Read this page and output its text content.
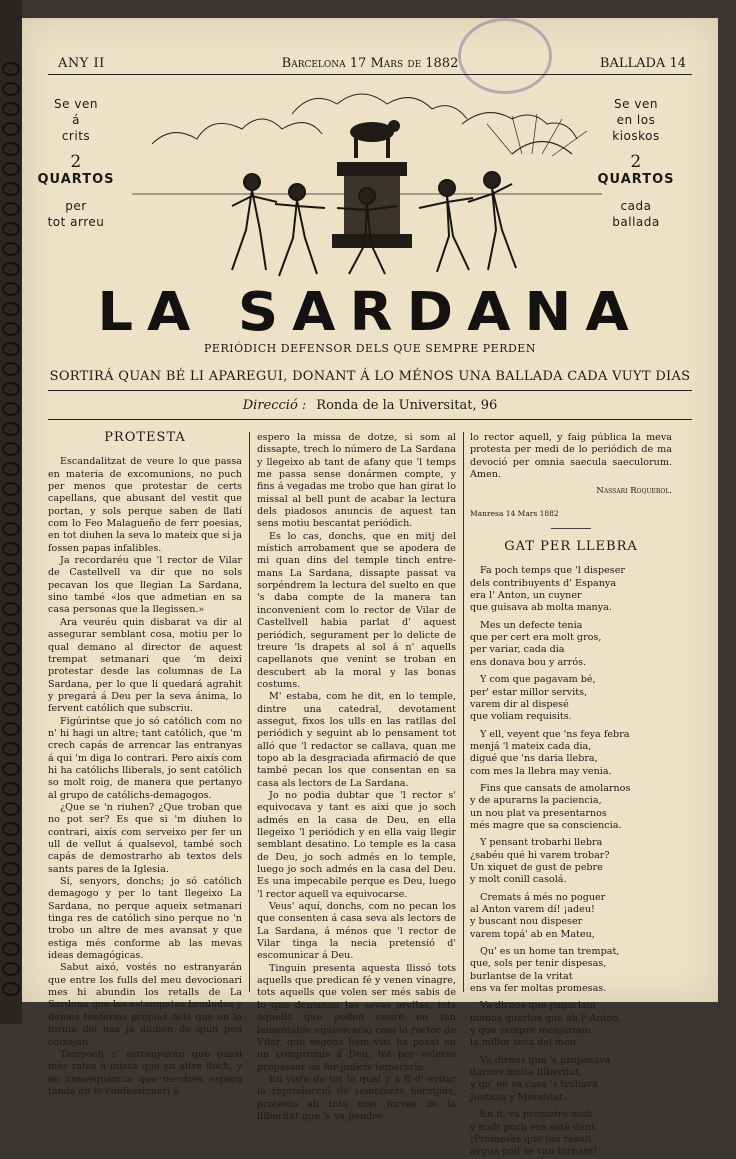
ANY II	Barcelona 17 Mars de 1882	BALLADA 14
Se ven
á
crits
2
QUARTOS
per
tot arreu
Se ven
en los
kioskos
2
QUARTOS
cada
ballada
LA SARDANA
PERIÓDICH DEFENSOR DELS QUE SEMPRE PERDEN
SORTIRÁ QUAN BÉ LI APAREGUI, DONANT Á LO MÉNOS UNA BALLADA CADA VUYT DIAS
Direcció : Ronda de la Universitat, 96
PROTESTA

Escandalitzat de veure lo que passa en materia de excomunions, no puch per menos que protestar de certs capellans, que abusant del vestit que portan, y sols perque saben de llatí com lo Feo Malagueño de ferr poesias, en tot diuhen la seva lo mateix que si ja fossen papas infalibles.

Ja recordaréu que 'l rector de Vilar de Castellvell va dir que no sols pecavan los que llegian La Sardana, sino també «los que admetian en sa casa personas que la llegissen.»

Ara veuréu quin disbarat va dir al assegurar semblant cosa, motiu per lo qual demano al director de aquest trempat setmanari que 'm deixi protestar desde las columnas de La Sardana, per lo que li quedará agrahit y pregará á Deu per la seva ánima, lo fervent católich que subscriu.

Figúrintse que jo só católich com no n' hi hagi un altre; tant católich, que 'm crech capás de arrencar las entranyas á qui 'm diga lo contrari. Pero aixís com hi ha católichs lliberals, jo sent católich so molt roig, de manera que pertanyo al grupo de católichs-demagogos.

¿Que se 'n riuhen? ¿Que troban que no pot ser? Es que si 'm diuhen lo contrari, aixís com serveixo per fer un ull de vellut á qualsevol, també soch capás de demostrarho ab textos dels sants pares de la Iglesia.

Sí, senyors, donchs; jo só católich demagogo y per lo tant llegeixo La Sardana, no perque aqueix setmanari tinga res de católich sino perque no 'n trobo un altre de mes avansat y que estiga més conforme ab las mevas ideas demagógicas.

Sabut aixó, vostés no estranyarán que entre los fulls del meu devocionari mes hi abundin los retalls de La Sardana que las estampetas brodadas y demés tonterías propias dels que en la forma del nas ja diuhen de quin peu coixejan.

Tampoch s' estranyarán que passi més ratos á missa que en altre lloch, y en consequéncia que mentres espero tanda en lo confessionari ó

espero la missa de dotze, si som al dissapte, trech lo número de La Sardana y llegeixo ab tant de afany que 'l temps me passa sense donármen compte, y fins á vegadas me trobo que han girat lo missal al bell punt de acabar la lectura dels piadosos anuncis de aquest tan sens motiu bescantat periódich.

Es lo cas, donchs, que en mitj del místich arrobament que se apodera de mi quan dins del temple tinch entre-mans La Sardana, dissapte passat va sorpéndrem la lectura del suelto en que 's daba compte de la manera tan inconvenient com lo rector de Vilar de Castellvell habia parlat d' aquest periódich, segurament per lo delicte de treure 'ls drapets al sol á n' aquells capellanots que venint se troban en descubert ab la moral y las bonas costums.

M' estaba, com he dit, en lo temple, dintre una catedral, devotament assegut, fixos los ulls en las ratllas del periódich y seguint ab lo pensament tot alló que 'l redactor se callava, quan me topo ab la desgraciada afirmació de que també pecan los que consentan en sa casa als lectors de La Sardana.

Jo no podia dubtar que 'l rector s' equivocava y tant es aixi que jo soch admés en la casa de Deu, en ella llegeixo 'l periódich y en ella vaig llegir semblant desatino. Lo temple es la casa de Deu, jo soch admés en lo temple, luego jo soch admés en la casa del Deu. Es una impecabile perque es Deu, luego 'l rector aquell va equivocarse.

Veus' aquí, donchs, com no pecan los que consenten á casa seva als lectors de La Sardana, á ménos que 'l rector de Vilar tinga la necia pretensió d' escomunicar á Deu.

Tinguin presenta aquesta llissó tots aquells que predican fé y venen vinagre, tots aquells que volen ser més sabis de lo que demanan las sevas orellas, tots aquells que poden caure en tan lamentable equivocació com lo rector de Vilar, que segons hem vist ha posat en un compromís á Deu, tot per volerse propassar en fer judicis temeraris.

En vista de tot lo qual y á fí d' evitar la reproducció de semblants heretjías, protesto ab tota mas forsas de la lliberitat que 's va pendre

lo rector aquell, y faig pública la meva protesta per medi de lo periódich de ma devoció per omnia saecula saeculorum. Amen.

Nassari Roquerol.
Manresa 14 Mars 1882
GAT PER LLEBRA

Fa poch temps que 'l dispeser

dels contribuyents d' Espanya

era l' Anton, un cuyner

que guisava ab molta manya.

Mes un defecte tenia

que per cert era molt gros,

per variar, cada dia

ens donava bou y arrós.

Y com que pagavam bé,

per' estar millor servits,

varem dir al dispesé

que voliam requisits.

Y ell, veyent que 'ns feya febra

menjá 'l mateix cada dia,

digué que 'ns daria llebra,

com mes la llebra may venia.

Fins que cansats de amolarnos

y de apurarns la paciencia,

un nou plat va presentarnos

més magre que sa consciencia.

Y pensant trobarhi llebra

¿sabéu qué hi varem trobar?

Un xiquet de gust de pebre

y molt conill casolá.

Cremats á més no poguer

al Anton varem dí! ¡adeu!

y buscant nou dispeser

varem topá' ab en Mateu,

Qu' es un home tan trempat,

que, sols per tenir dispesas,

burlantse de la vritat

ens va fer moltas promesas.

Va dirnos que pagariam

menos quartos que ab l' Anton,

y que sempre menjariam

la millor teca del mon.

Va dirnos que 's proposava

darnos molta lliberitat,

y qu' en sa casa 's trobava

Justicia y Moralitat.

En fi, va prometre molt

y molt poch ens está dant.

¡Promesas que feu resolt

aygua poll se van tornant!
